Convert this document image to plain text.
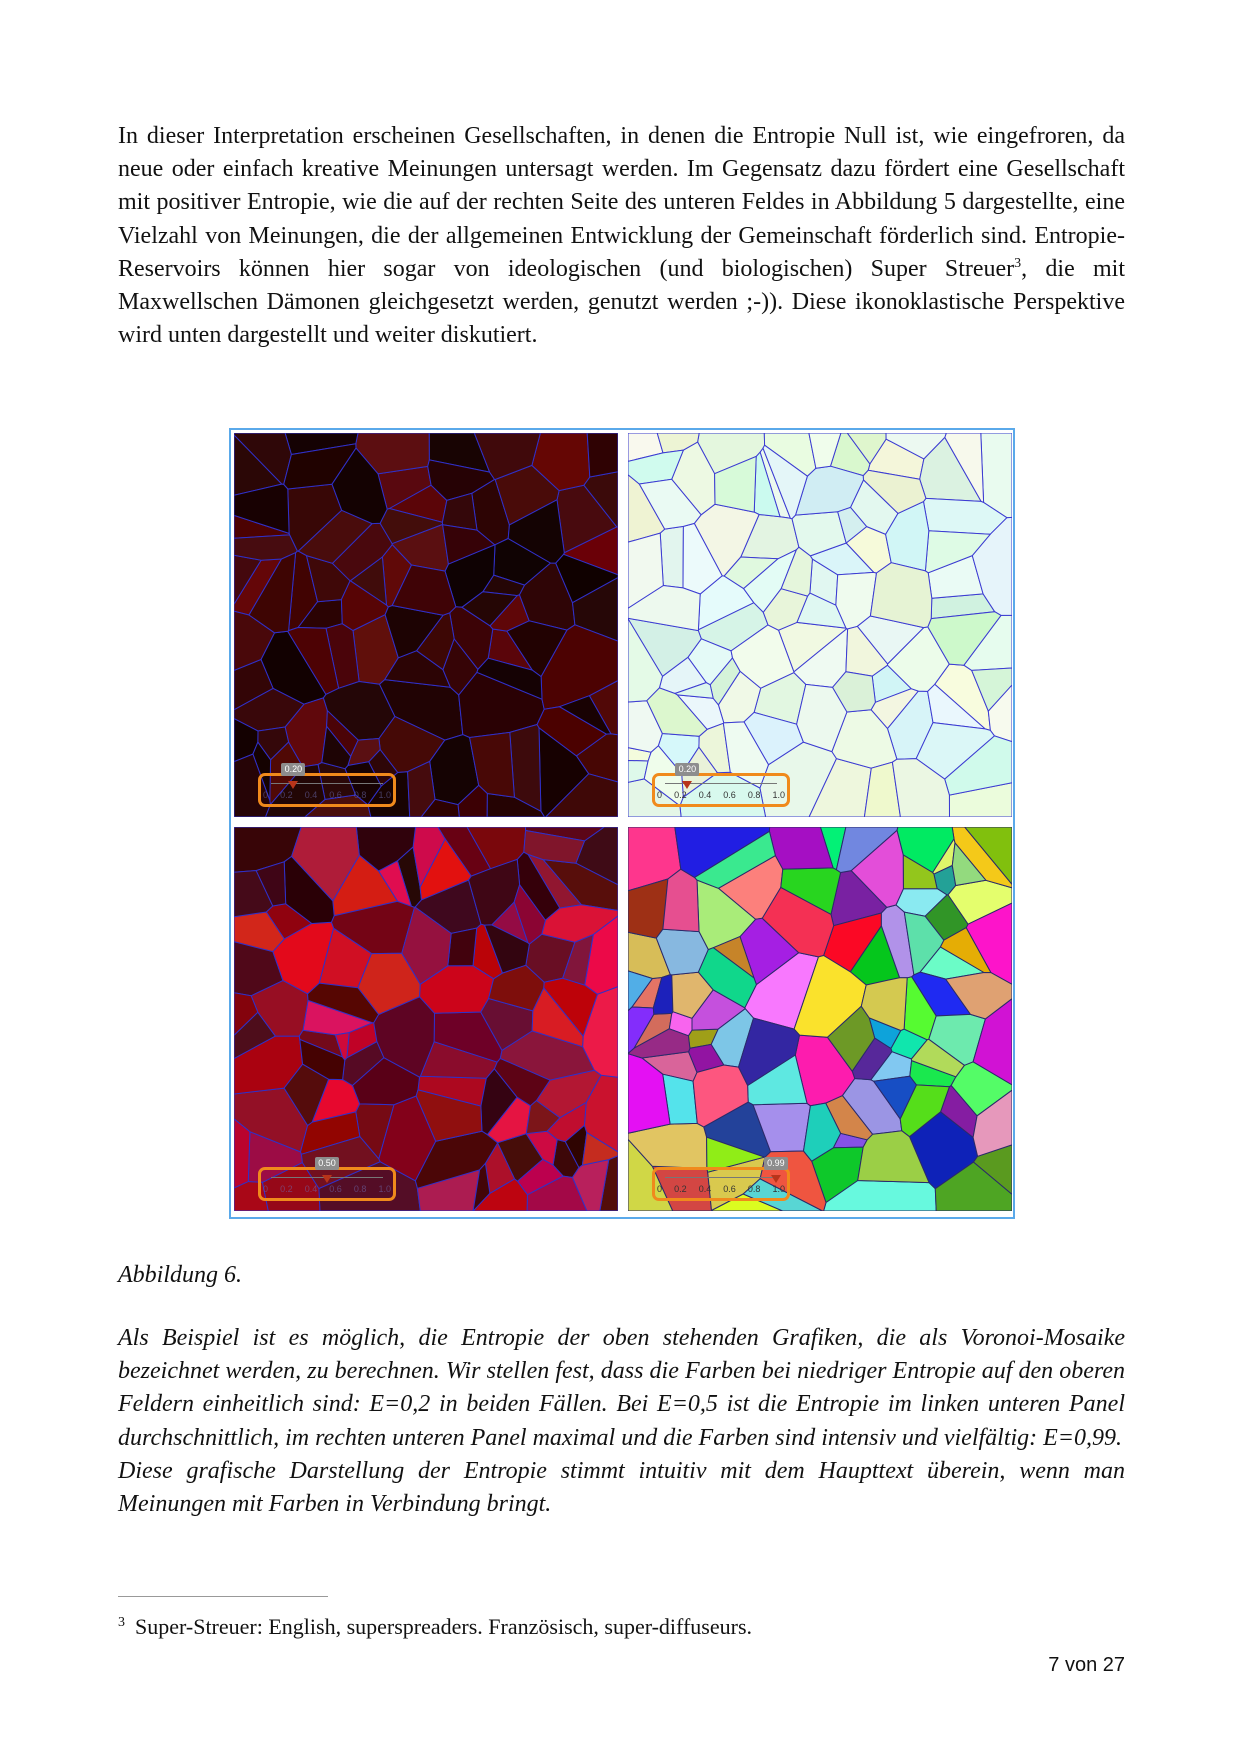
In dieser Interpretation erscheinen Gesellschaften, in denen die Entropie Null ist, wie eingefroren, da neue oder einfach kreative Meinungen untersagt werden. Im Gegensatz dazu fördert eine Gesellschaft mit positiver Entropie, wie die auf der rechten Seite des unteren Feldes in Abbildung 5 dargestellte, eine Vielzahl von Meinungen, die der allgemeinen Entwicklung der Gemeinschaft förderlich sind. Entropie-Reservoirs können hier sogar von ideologischen (und biologischen) Super Streuer$^3$, die mit Maxwellschen Dämonen gleichgesetzt werden, genutzt werden ;-)). Diese ikonoklastische Perspektive wird unten dargestellt und weiter diskutiert.

0.20
0 0.2 0.4 0.6 0.8 1.0
0.20
0 0.2 0.4 0.6 0.8 1.0
0.50
0 0.2 0.4 0.6 0.8 1.0
0.99
0 0.2 0.4 0.6 0.8 1.0

Abbildung 6.

Als Beispiel ist es möglich, die Entropie der oben stehenden Grafiken, die als Voronoi-Mosaike bezeichnet werden, zu berechnen. Wir stellen fest, dass die Farben bei niedriger Entropie auf den oberen Feldern einheitlich sind: E=0,2 in beiden Fällen. Bei E=0,5 ist die Entropie im linken unteren Panel durchschnittlich, im rechten unteren Panel maximal und die Farben sind intensiv und vielfältig: E=0,99.
Diese grafische Darstellung der Entropie stimmt intuitiv mit dem Haupttext überein, wenn man Meinungen mit Farben in Verbindung bringt.

$^3$ Super-Streuer: English, superspreaders. Französisch, super-diffuseurs.

7 von 27
